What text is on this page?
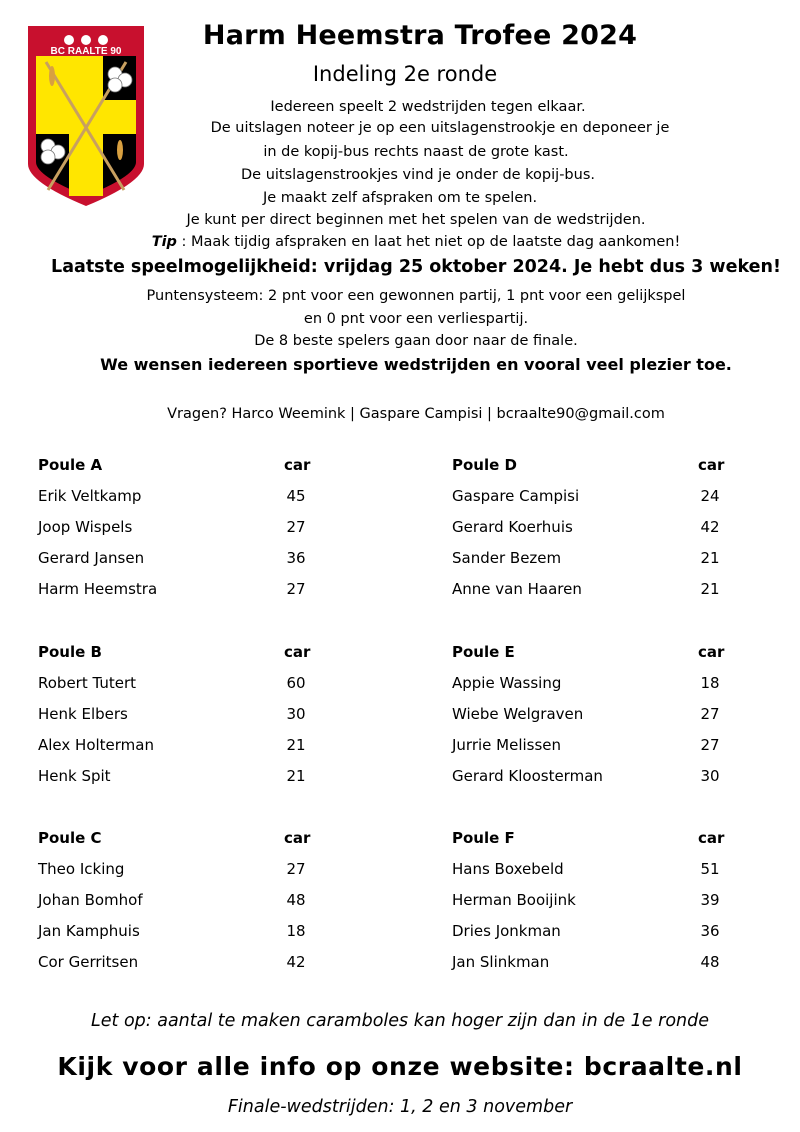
BC RAALTE 90
Harm Heemstra Trofee 2024
Indeling 2e ronde
Iedereen speelt 2 wedstrijden tegen elkaar.
De uitslagen noteer je op een uitslagenstrookje en deponeer je
in de kopij-bus rechts naast de grote kast.
De uitslagenstrookjes vind je onder de kopij-bus.
Je maakt zelf afspraken om te spelen.
Je kunt per direct beginnen met het spelen van de wedstrijden.
Tip : Maak tijdig afspraken en laat het niet op de laatste dag aankomen!
Laatste speelmogelijkheid: vrijdag 25 oktober 2024. Je hebt dus 3 weken!
Puntensysteem: 2 pnt voor een gewonnen partij, 1 pnt voor een gelijkspel
en 0 pnt voor een verliespartij.
De 8 beste spelers gaan door naar de finale.
We wensen iedereen sportieve wedstrijden en vooral veel plezier toe.
Vragen? Harco Weemink | Gaspare Campisi | bcraalte90@gmail.com
Poule A	car
Erik Veltkamp	45
Joop Wispels	27
Gerard Jansen	36
Harm Heemstra	27
Poule B	car
Robert Tutert	60
Henk Elbers	30
Alex Holterman	21
Henk Spit	21
Poule C	car
Theo Icking	27
Johan Bomhof	48
Jan Kamphuis	18
Cor Gerritsen	42
Poule D	car
Gaspare Campisi	24
Gerard Koerhuis	42
Sander Bezem	21
Anne van Haaren	21
Poule E	car
Appie Wassing	18
Wiebe Welgraven	27
Jurrie Melissen	27
Gerard Kloosterman	30
Poule F	car
Hans Boxebeld	51
Herman Booijink	39
Dries Jonkman	36
Jan Slinkman	48
Let op: aantal te maken caramboles kan hoger zijn dan in de 1e ronde
Kijk voor alle info op onze website: bcraalte.nl
Finale-wedstrijden: 1, 2 en 3 november
